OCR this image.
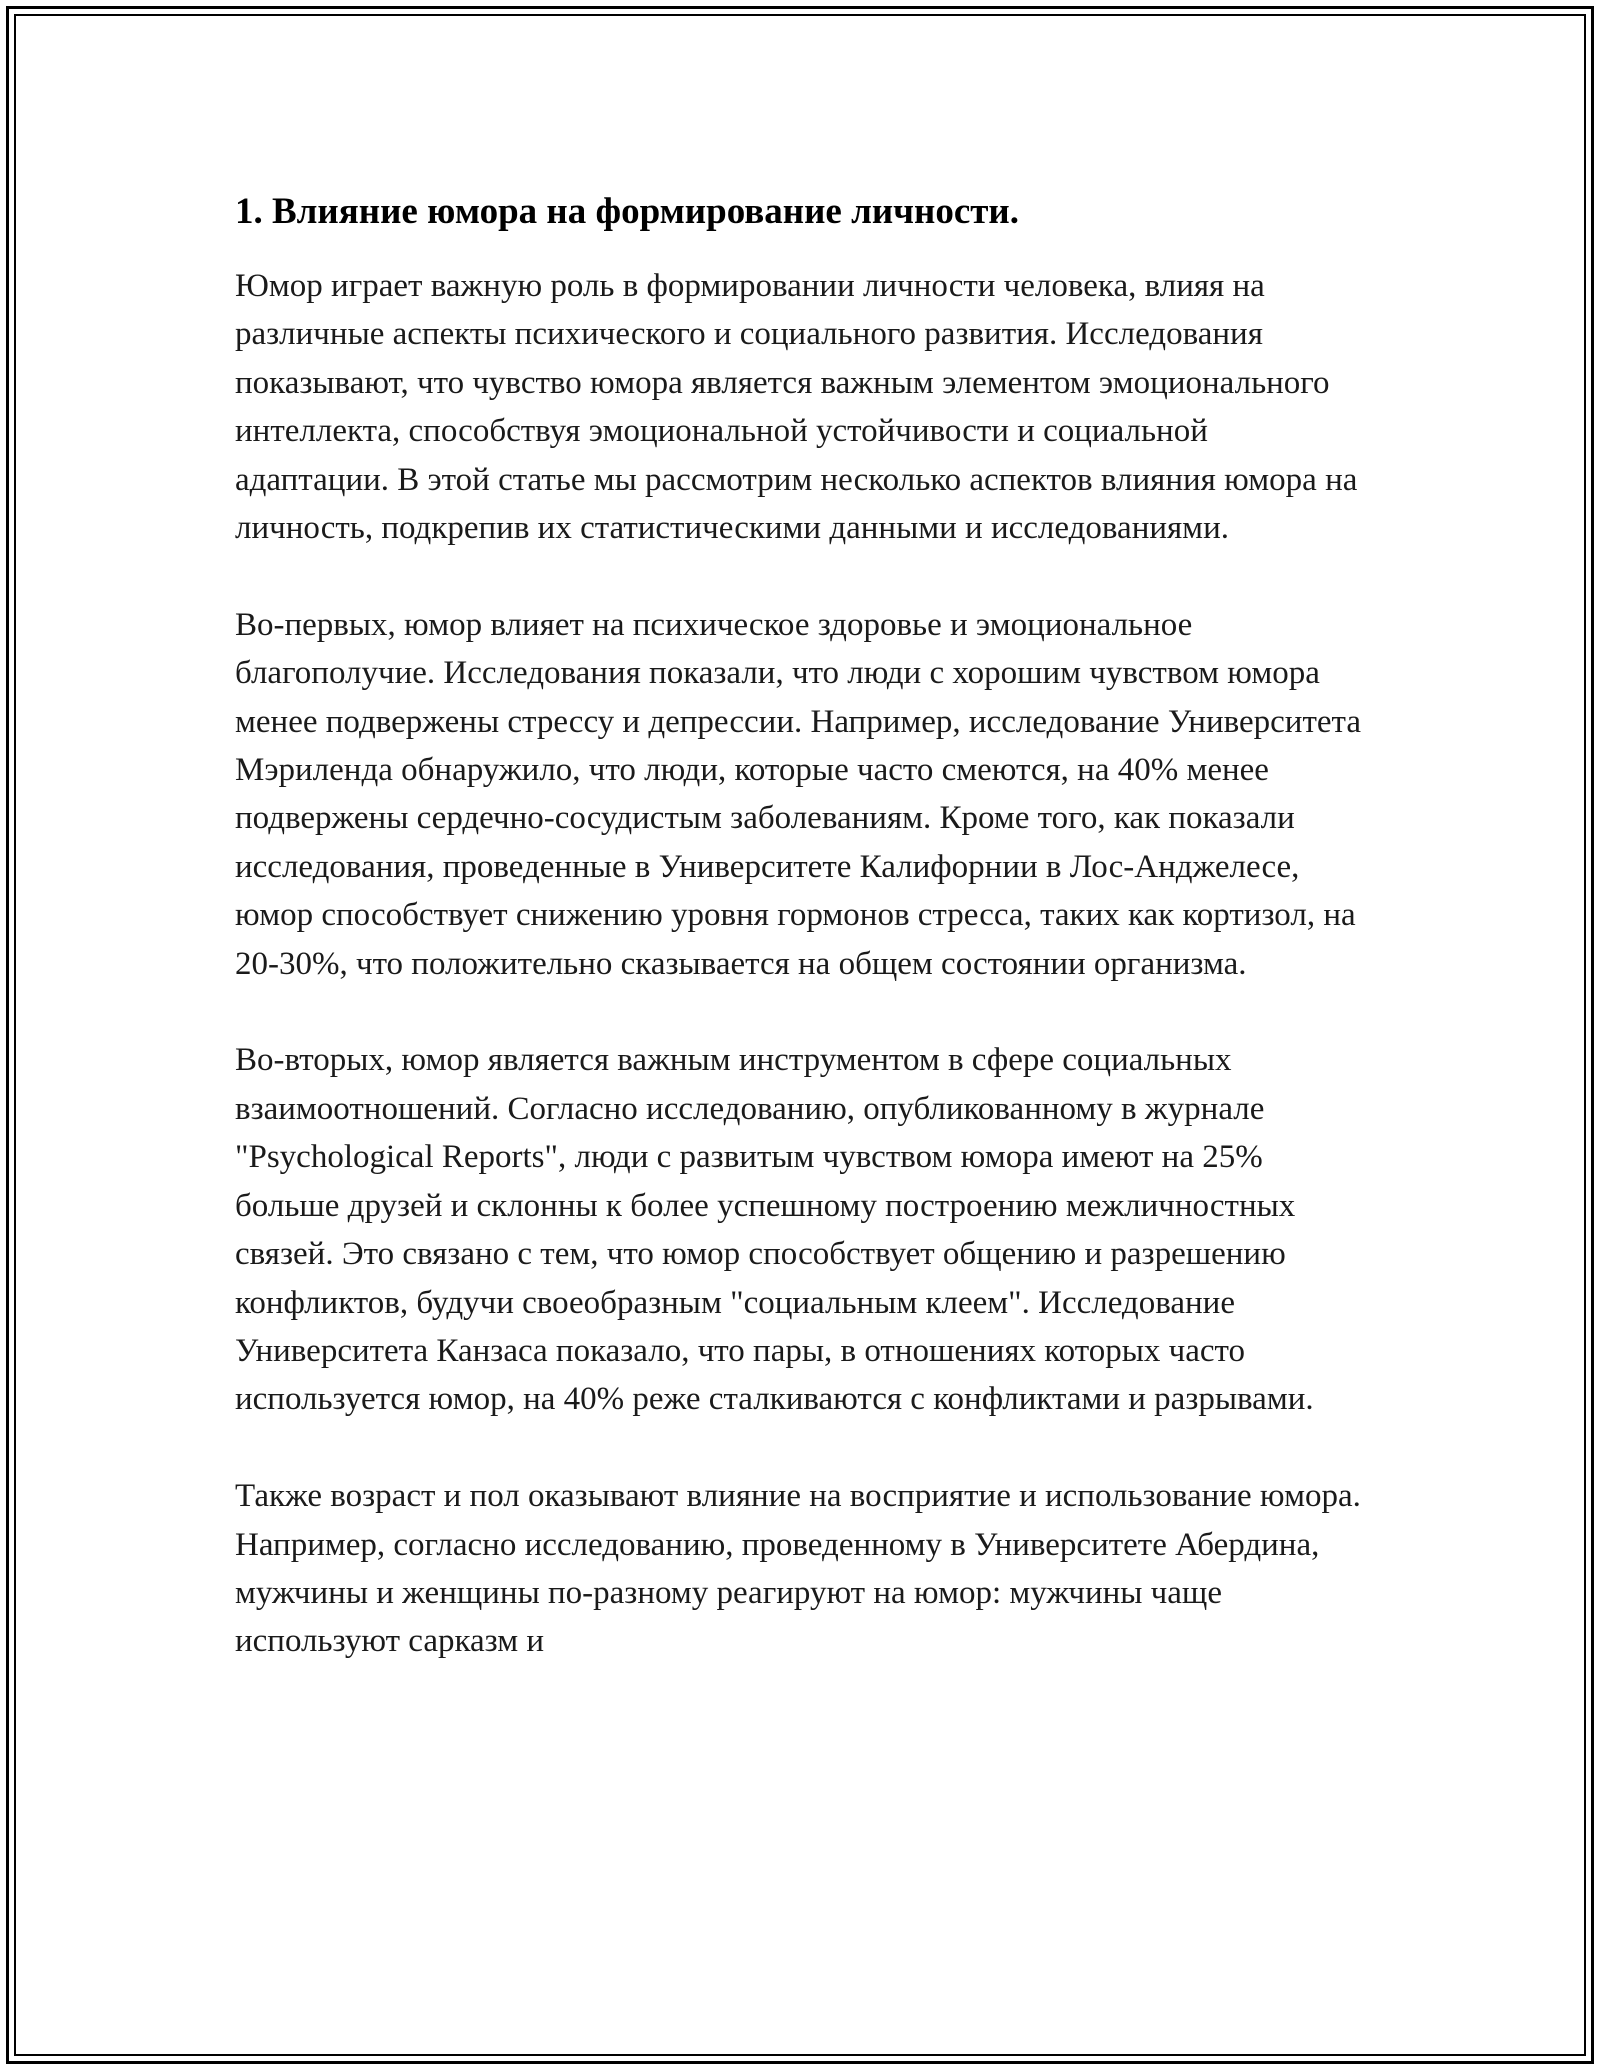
1. Влияние юмора на формирование личности.

Юмор играет важную роль в формировании личности человека, влияя на различные аспекты психического и социального развития. Исследования показывают, что чувство юмора является важным элементом эмоционального интеллекта, способствуя эмоциональной устойчивости и социальной адаптации. В этой статье мы рассмотрим несколько аспектов влияния юмора на личность, подкрепив их статистическими данными и исследованиями.

Во-первых, юмор влияет на психическое здоровье и эмоциональное благополучие. Исследования показали, что люди с хорошим чувством юмора менее подвержены стрессу и депрессии. Например, исследование Университета Мэриленда обнаружило, что люди, которые часто смеются, на 40% менее подвержены сердечно-сосудистым заболеваниям. Кроме того, как показали исследования, проведенные в Университете Калифорнии в Лос-Анджелесе, юмор способствует снижению уровня гормонов стресса, таких как кортизол, на 20-30%, что положительно сказывается на общем состоянии организма.

Во-вторых, юмор является важным инструментом в сфере социальных взаимоотношений. Согласно исследованию, опубликованному в журнале "Psychological Reports", люди с развитым чувством юмора имеют на 25% больше друзей и склонны к более успешному построению межличностных связей. Это связано с тем, что юмор способствует общению и разрешению конфликтов, будучи своеобразным "социальным клеем". Исследование Университета Канзаса показало, что пары, в отношениях которых часто используется юмор, на 40% реже сталкиваются с конфликтами и разрывами.

Также возраст и пол оказывают влияние на восприятие и использование юмора. Например, согласно исследованию, проведенному в Университете Абердина, мужчины и женщины по-разному реагируют на юмор: мужчины чаще используют сарказм и
